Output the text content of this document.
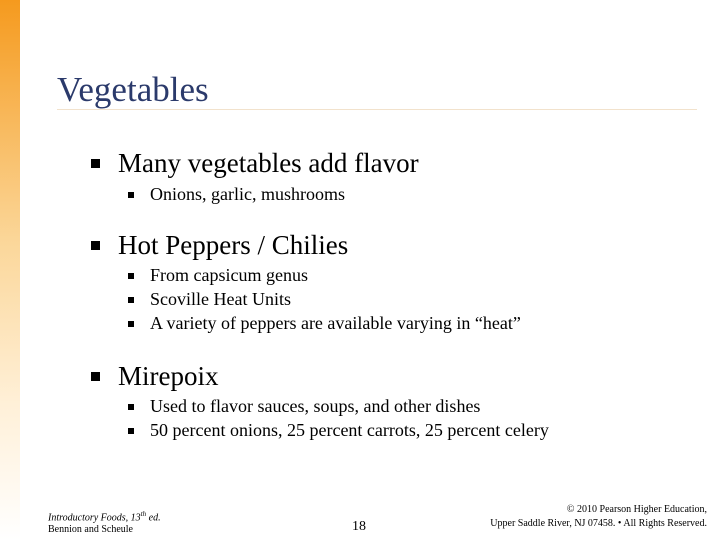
Vegetables
Many vegetables add flavor
Onions, garlic, mushrooms
Hot Peppers / Chilies
From capsicum genus
Scoville Heat Units
A variety of peppers are available varying in “heat”
Mirepoix
Used to flavor sauces, soups, and other dishes
50 percent onions, 25 percent carrots, 25 percent celery
Introductory Foods, 13th ed.
Bennion and Scheule	18
© 2010 Pearson Higher Education,
Upper Saddle River, NJ 07458. • All Rights Reserved.
